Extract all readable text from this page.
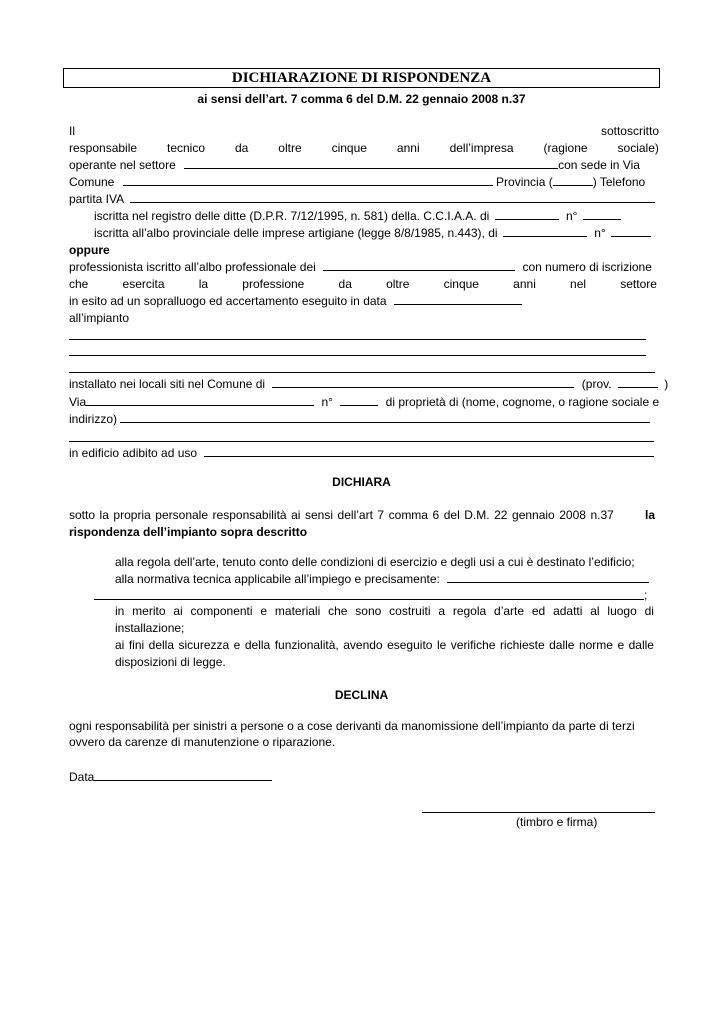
DICHIARAZIONE DI RISPONDENZA
ai sensi dell’art. 7 comma 6 del D.M. 22 gennaio 2008 n.37
Il	sottoscritto
responsabile tecnico da oltre cinque anni dell’impresa (ragione sociale)
operante nel settore	con sede in Via
Comune	Provincia (	) Telefono
partita IVA
iscritta nel registro delle ditte (D.P.R. 7/12/1995, n. 581) della. C.C.I.A.A. di	n°
iscritta all’albo provinciale delle imprese artigiane (legge 8/8/1985, n.443), di	n°
oppure
professionista iscritto all’albo professionale dei	con numero di iscrizione
che	esercita	la	professione	da	oltre	cinque	anni	nel	settore
in esito ad un sopralluogo ed accertamento eseguito in data
all’impianto
installato nei locali siti nel Comune di	(prov.	)
Via	n°	di proprietà di (nome, cognome, o ragione sociale e
indirizzo)
in edificio adibito ad uso
DICHIARA
sotto la propria personale responsabilità ai sensi dell’art 7 comma 6 del D.M. 22 gennaio 2008 n.37	la
rispondenza dell’impianto sopra descritto
alla regola dell’arte, tenuto conto delle condizioni di esercizio e degli usi a cui è destinato l’edificio;
alla normativa tecnica applicabile all’impiego e precisamente:
;
in merito ai componenti e materiali che sono costruiti a regola d’arte ed adatti al luogo di
installazione;
ai fini della sicurezza e della funzionalità, avendo eseguito le verifiche richieste dalle norme e dalle
disposizioni di legge.
DECLINA
ogni responsabilità per sinistri a persone o a cose derivanti da manomissione dell’impianto da parte di terzi
ovvero da carenze di manutenzione o riparazione.
Data
(timbro e firma)
